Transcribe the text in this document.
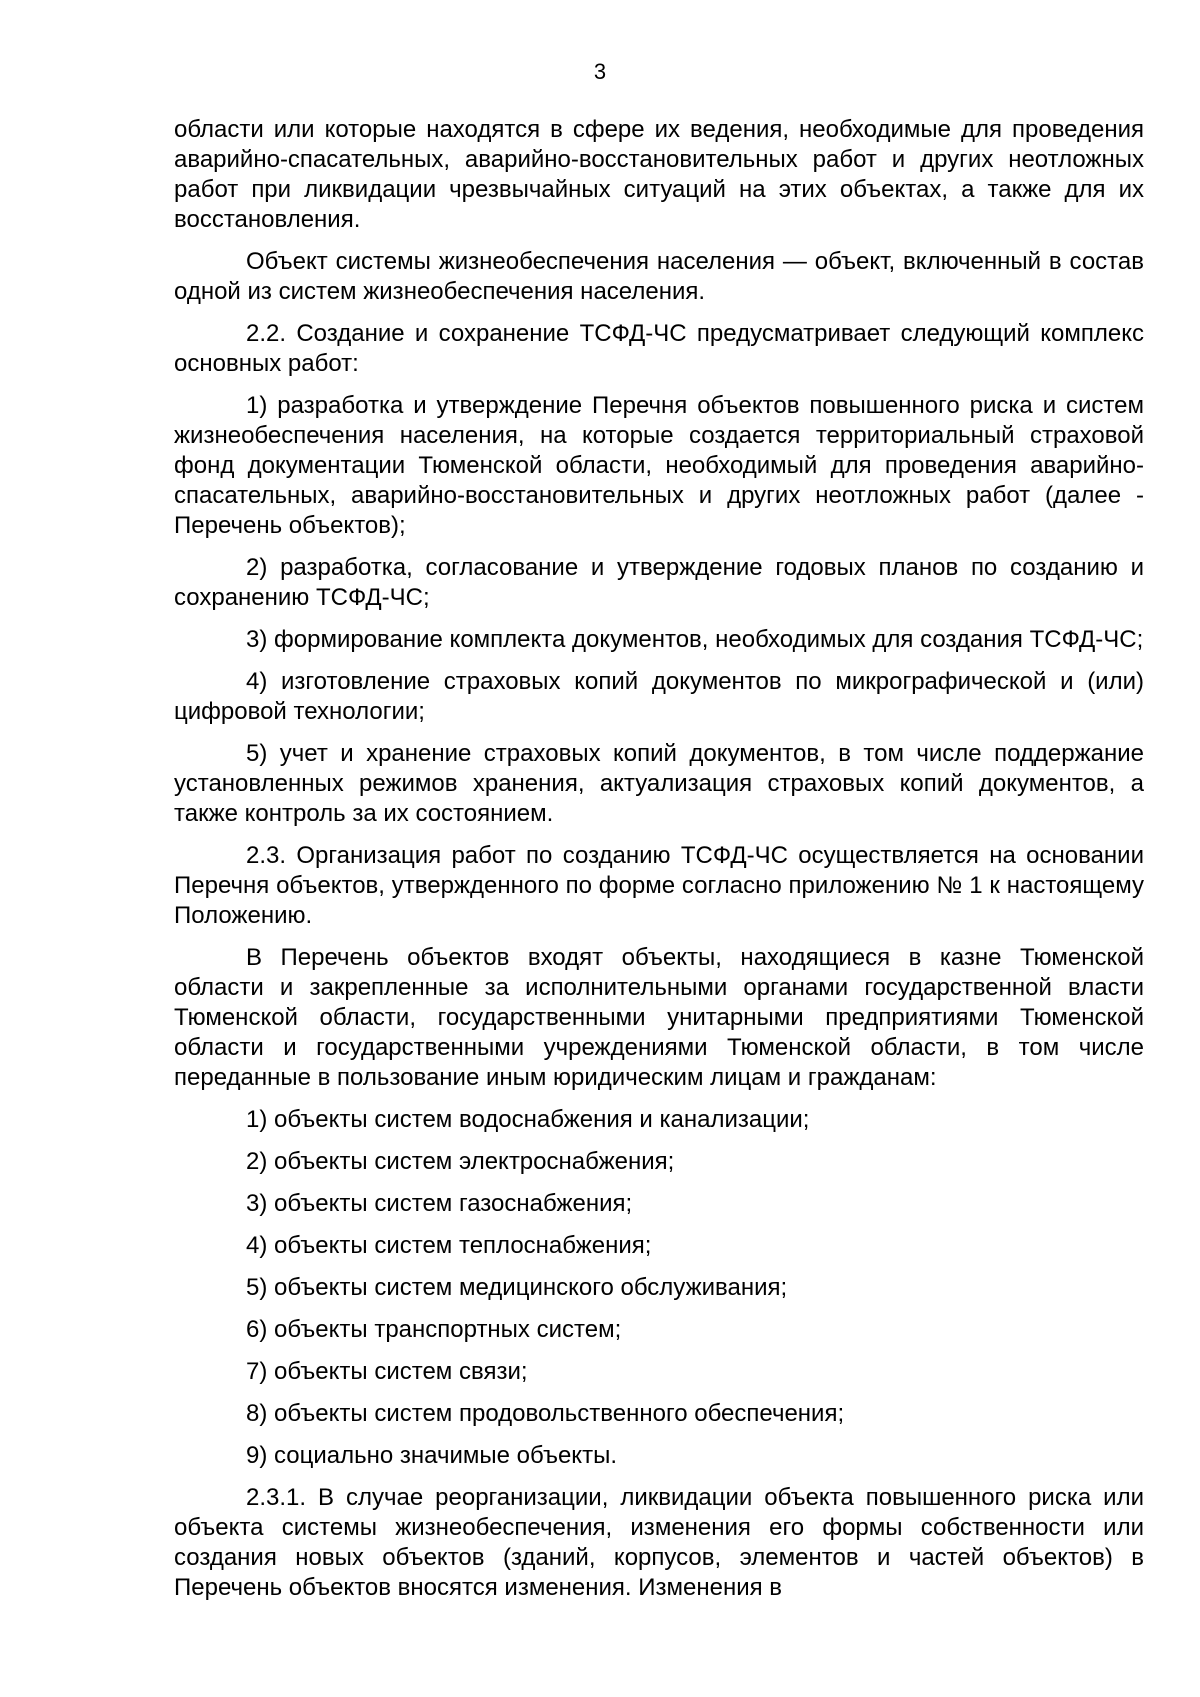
3

области или которые находятся в сфере их ведения, необходимые для проведения аварийно-спасательных, аварийно-восстановительных работ и других неотложных работ при ликвидации чрезвычайных ситуаций на этих объектах, а также для их восстановления.

Объект системы жизнеобеспечения населения — объект, включенный в состав одной из систем жизнеобеспечения населения.

2.2. Создание и сохранение ТСФД-ЧС предусматривает следующий комплекс основных работ:

1) разработка и утверждение Перечня объектов повышенного риска и систем жизнеобеспечения населения, на которые создается территориальный страховой фонд документации Тюменской области, необходимый для проведения аварийно-спасательных, аварийно-восстановительных и других неотложных работ (далее - Перечень объектов);

2) разработка, согласование и утверждение годовых планов по созданию и сохранению ТСФД-ЧС;

3) формирование комплекта документов, необходимых для создания ТСФД-ЧС;

4) изготовление страховых копий документов по микрографической и (или) цифровой технологии;

5) учет и хранение страховых копий документов, в том числе поддержание установленных режимов хранения, актуализация страховых копий документов, а также контроль за их состоянием.

2.3. Организация работ по созданию ТСФД-ЧС осуществляется на основании Перечня объектов, утвержденного по форме согласно приложению № 1 к настоящему Положению.

В Перечень объектов входят объекты, находящиеся в казне Тюменской области и закрепленные за исполнительными органами государственной власти Тюменской области, государственными унитарными предприятиями Тюменской области и государственными учреждениями Тюменской области, в том числе переданные в пользование иным юридическим лицам и гражданам:

1) объекты систем водоснабжения и канализации;

2) объекты систем электроснабжения;

3) объекты систем газоснабжения;

4) объекты систем теплоснабжения;

5) объекты систем медицинского обслуживания;

6) объекты транспортных систем;

7) объекты систем связи;

8) объекты систем продовольственного обеспечения;

9) социально значимые объекты.

2.3.1. В случае реорганизации, ликвидации объекта повышенного риска или объекта системы жизнеобеспечения, изменения его формы собственности или создания новых объектов (зданий, корпусов, элементов и частей объектов) в Перечень объектов вносятся изменения. Изменения в
